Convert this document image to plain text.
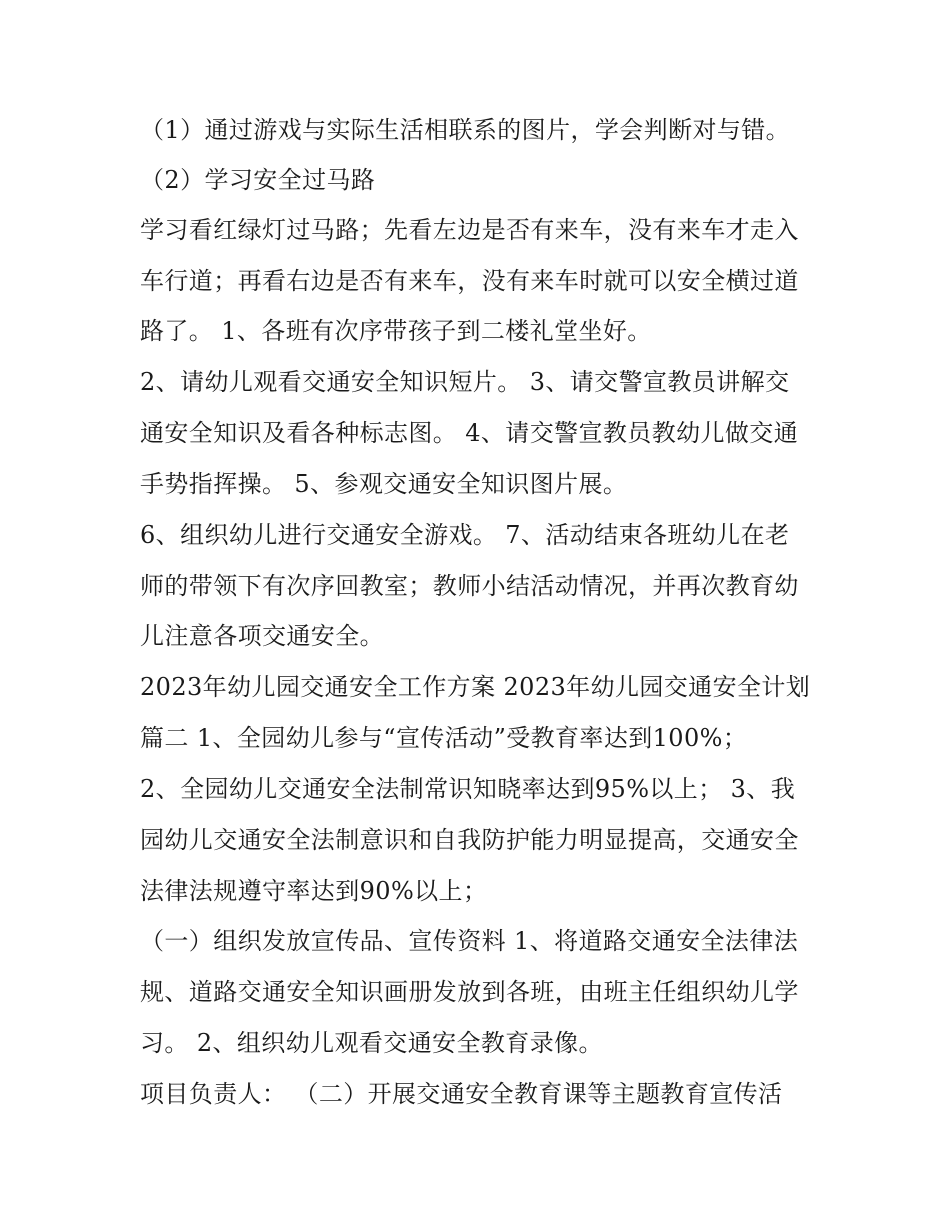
（1）通过游戏与实际生活相联系的图片，学会判断对与错。
（2）学习安全过马路
学习看红绿灯过马路；先看左边是否有来车，没有来车才走入
车行道；再看右边是否有来车，没有来车时就可以安全横过道
路了。 1、各班有次序带孩子到二楼礼堂坐好。
2、请幼儿观看交通安全知识短片。 3、请交警宣教员讲解交
通安全知识及看各种标志图。 4、请交警宣教员教幼儿做交通
手势指挥操。 5、参观交通安全知识图片展。
6、组织幼儿进行交通安全游戏。 7、活动结束各班幼儿在老
师的带领下有次序回教室；教师小结活动情况，并再次教育幼
儿注意各项交通安全。
2023年幼儿园交通安全工作方案 2023年幼儿园交通安全计划
篇二 1、全园幼儿参与“宣传活动”受教育率达到100%；
2、全园幼儿交通安全法制常识知晓率达到95%以上； 3、我
园幼儿交通安全法制意识和自我防护能力明显提高，交通安全
法律法规遵守率达到90%以上；
（一）组织发放宣传品、宣传资料 1、将道路交通安全法律法
规、道路交通安全知识画册发放到各班，由班主任组织幼儿学
习。 2、组织幼儿观看交通安全教育录像。
项目负责人： （二）开展交通安全教育课等主题教育宣传活
